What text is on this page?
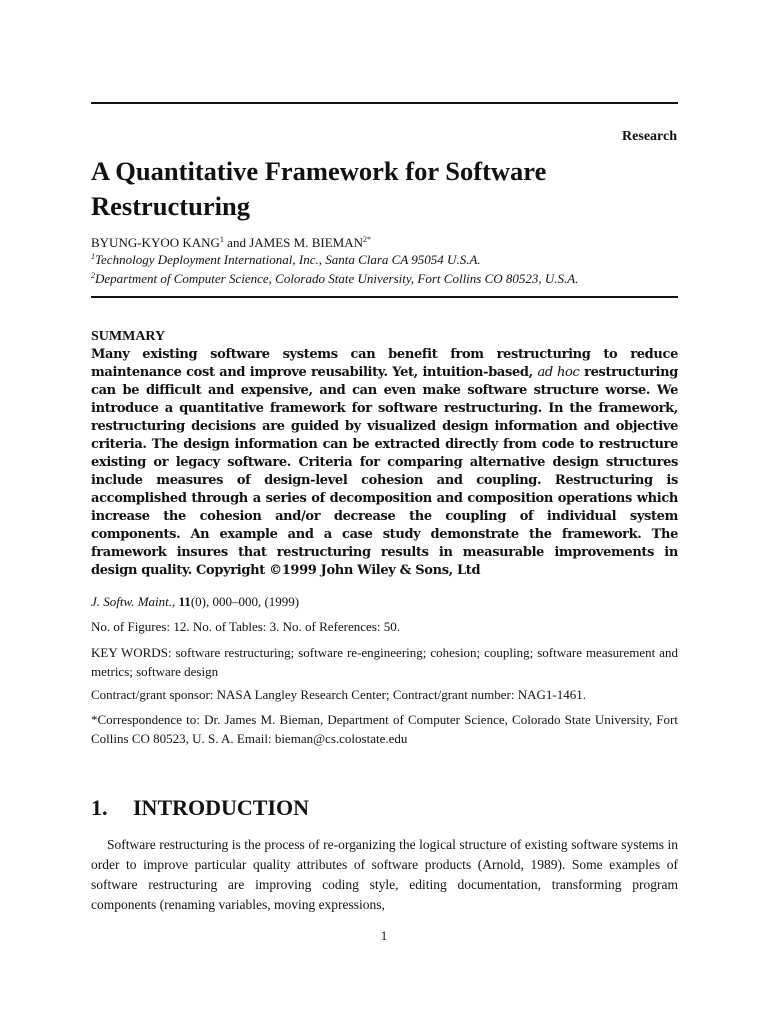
Research
A Quantitative Framework for Software Restructuring
BYUNG-KYOO KANG$^1$ and JAMES M. $BIEMAN^{2*}$
$^1$Technology Deployment International, Inc., Santa Clara CA 95054 U.S.A.
$^2$Department of Computer Science, Colorado State University, Fort Collins CO 80523, U.S.A.

SUMMARY

Many existing software systems can benefit from restructuring to reduce maintenance cost and improve reusability. Yet, intuition-based, ad hoc restructuring can be difficult and expensive, and can even make software structure worse. We introduce a quantitative framework for software restructuring. In the framework, restructuring decisions are guided by visualized design information and objective criteria. The design information can be extracted directly from code to restructure existing or legacy software. Criteria for comparing alternative design structures include measures of design-level cohesion and coupling. Restructuring is accomplished through a series of decomposition and composition operations which increase the cohesion and/or decrease the coupling of individual system components. An example and a case study demonstrate the framework. The framework insures that restructuring results in measurable improvements in design quality. Copyright ©1999 John Wiley & Sons, Ltd

J. Softw. Maint., 11(0), 000–000, (1999)

No. of Figures: 12. No. of Tables: 3. No. of References: 50.

KEY WORDS: software restructuring; software re-engineering; cohesion; coupling; software measurement and metrics; software design

Contract/grant sponsor: NASA Langley Research Center; Contract/grant number: NAG1-1461.

*Correspondence to: Dr. James M. Bieman, Department of Computer Science, Colorado State University, Fort Collins CO 80523, U. S. A. Email: bieman@cs.colostate.edu

1. INTRODUCTION

Software restructuring is the process of re-organizing the logical structure of existing software systems in order to improve particular quality attributes of software products (Arnold, 1989). Some examples of software restructuring are improving coding style, editing documentation, transforming program components (renaming variables, moving expressions,

1
